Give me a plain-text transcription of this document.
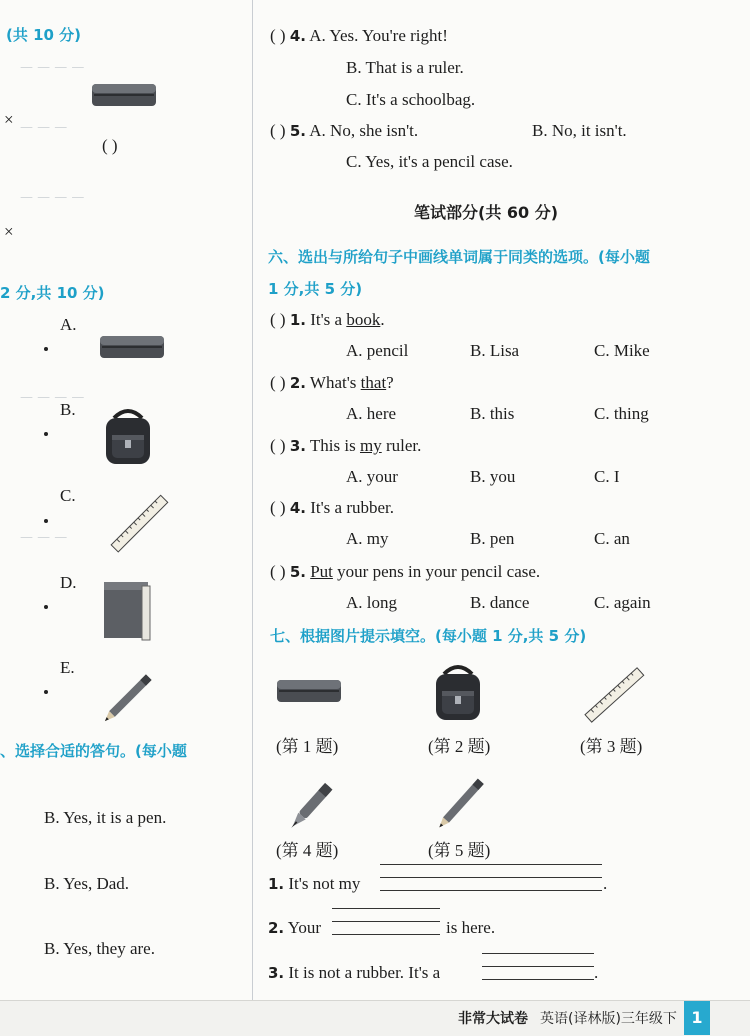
— — — —
— — —
— — — —
— — — —
— — —
(共 10 分)
( )
×
×
2 分,共 10 分)
A.
B.
C.
D.
E.
、选择合适的答句。(每小题
B. Yes, it is a pen.
B. Yes, Dad.
B. Yes, they are.
( ) 4. A. Yes. You're right!
B. That is a ruler.
C. It's a schoolbag.
( ) 5. A. No, she isn't.	B. No, it isn't.
C. Yes, it's a pencil case.
笔试部分(共 60 分)
六、选出与所给句子中画线单词属于同类的选项。(每小题
1 分,共 5 分)
( ) 1. It's a book.
A. pencil	B. Lisa	C. Mike
( ) 2. What's that?
A. here	B. this	C. thing
( ) 3. This is my ruler.
A. your	B. you	C. I
( ) 4. It's a rubber.
A. my	B. pen	C. an
( ) 5. Put your pens in your pencil case.
A. long	B. dance	C. again
七、根据图片提示填空。(每小题 1 分,共 5 分)
(第 1 题)	(第 2 题)	(第 3 题)
(第 4 题)	(第 5 题)
1. It's not my	.
2. Your	is here.
3. It is not a rubber. It's a	.
非常大试卷 英语(译林版)三年级下 1
